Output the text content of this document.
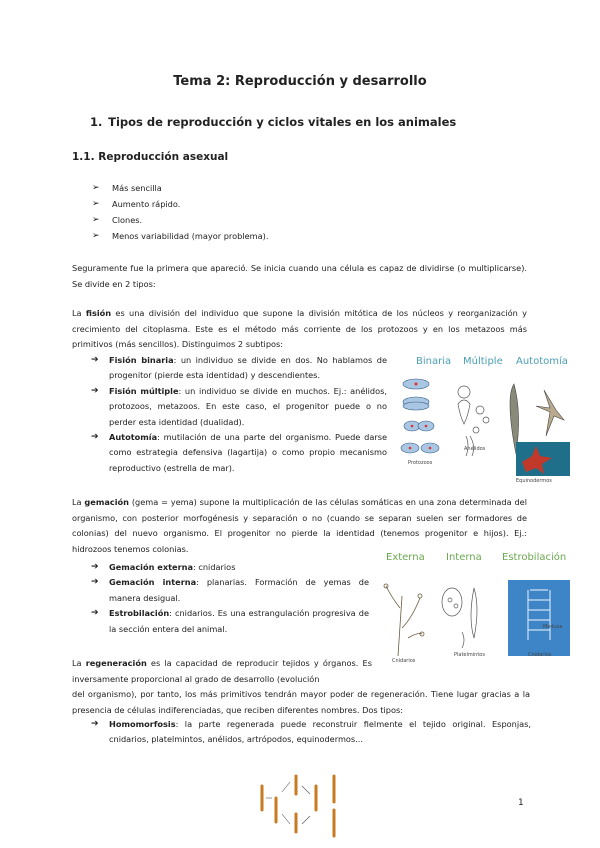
Tema 2: Reproducción y desarrollo
1. Tipos de reproducción y ciclos vitales en los animales
1.1. Reproducción asexual
➢ Más sencilla
➢ Aumento rápido.
➢ Clones.
➢ Menos variabilidad (mayor problema).
Seguramente fue la primera que apareció. Se inicia cuando una célula es capaz de dividirse (o multiplicarse). Se divide en 2 tipos:
La fisión es una división del individuo que supone la división mitótica de los núcleos y reorganización y crecimiento del citoplasma. Este es el método más corriente de los protozoos y en los metazoos más primitivos (más sencillos). Distinguimos 2 subtipos:
➔ Fisión binaria: un individuo se divide en dos. No hablamos de progenitor (pierde esta identidad) y descendientes.
➔ Fisión múltiple: un individuo se divide en muchos. Ej.: anélidos, protozoos, metazoos. En este caso, el progenitor puede o no perder esta identidad (dualidad).
➔ Autotomía: mutilación de una parte del organismo. Puede darse como estrategia defensiva (lagartija) o como propio mecanismo reproductivo (estrella de mar).
Binaria Múltiple Autotomía
Protozoos
Anélidos
Equinodermos
La gemación (gema = yema) supone la multiplicación de las células somáticas en una zona determinada del organismo, con posterior morfogénesis y separación o no (cuando se separan suelen ser formadores de colonias) del nuevo organismo. El progenitor no pierde la identidad (tenemos progenitor e hijos). Ej.: hidrozoos tenemos colonias.
➔ Gemación externa: cnidarios
➔ Gemación interna: planarias. Formación de yemas de manera desigual.
➔ Estrobilación: cnidarios. Es una estrangulación progresiva de la sección entera del animal.
Externa Interna Estrobilación
Medusa
Cnidarios
Platelmintos	Cnidarios
La regeneración es la capacidad de reproducir tejidos y órganos. Es inversamente proporcional al grado de desarrollo (evolución
del organismo), por tanto, los más primitivos tendrán mayor poder de regeneración. Tiene lugar gracias a la presencia de células indiferenciadas, que reciben diferentes nombres. Dos tipos:
➔ Homomorfosis: la parte regenerada puede reconstruir fielmente el tejido original. Esponjas, cnidarios, platelmintos, anélidos, artrópodos, equinodermos...
1
